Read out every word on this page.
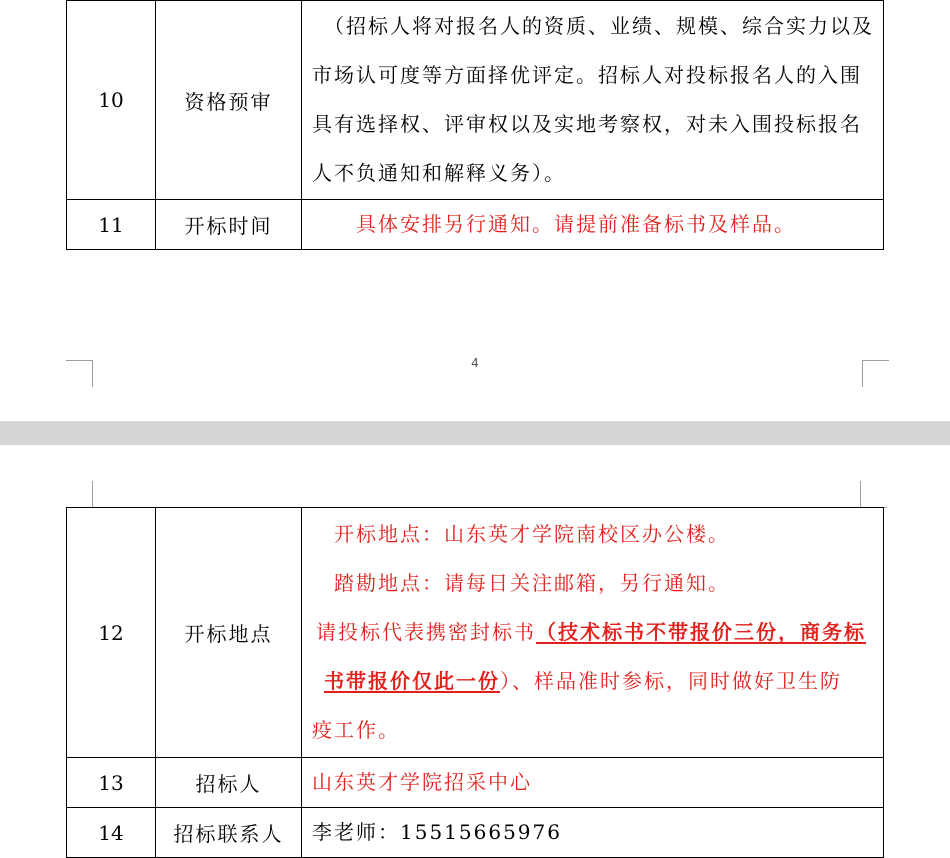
10	资格预审	（招标人将对报名人的资质、业绩、规模、综合实力以及
市场认可度等方面择优评定。招标人对投标报名人的入围
具有选择权、评审权以及实地考察权，对未入围投标报名
人不负通知和解释义务）。

11	开标时间	具体安排另行通知。请提前准备标书及样品。
4
12	开标地点	开标地点：山东英才学院南校区办公楼。
踏勘地点：请每日关注邮箱，另行通知。
请投标代表携密封标书（技术标书不带报价三份，商务标
书带报价仅此一份）、样品准时参标，同时做好卫生防
疫工作。

13	招标人	山东英才学院招采中心

14	招标联系人	李老师：15515665976
